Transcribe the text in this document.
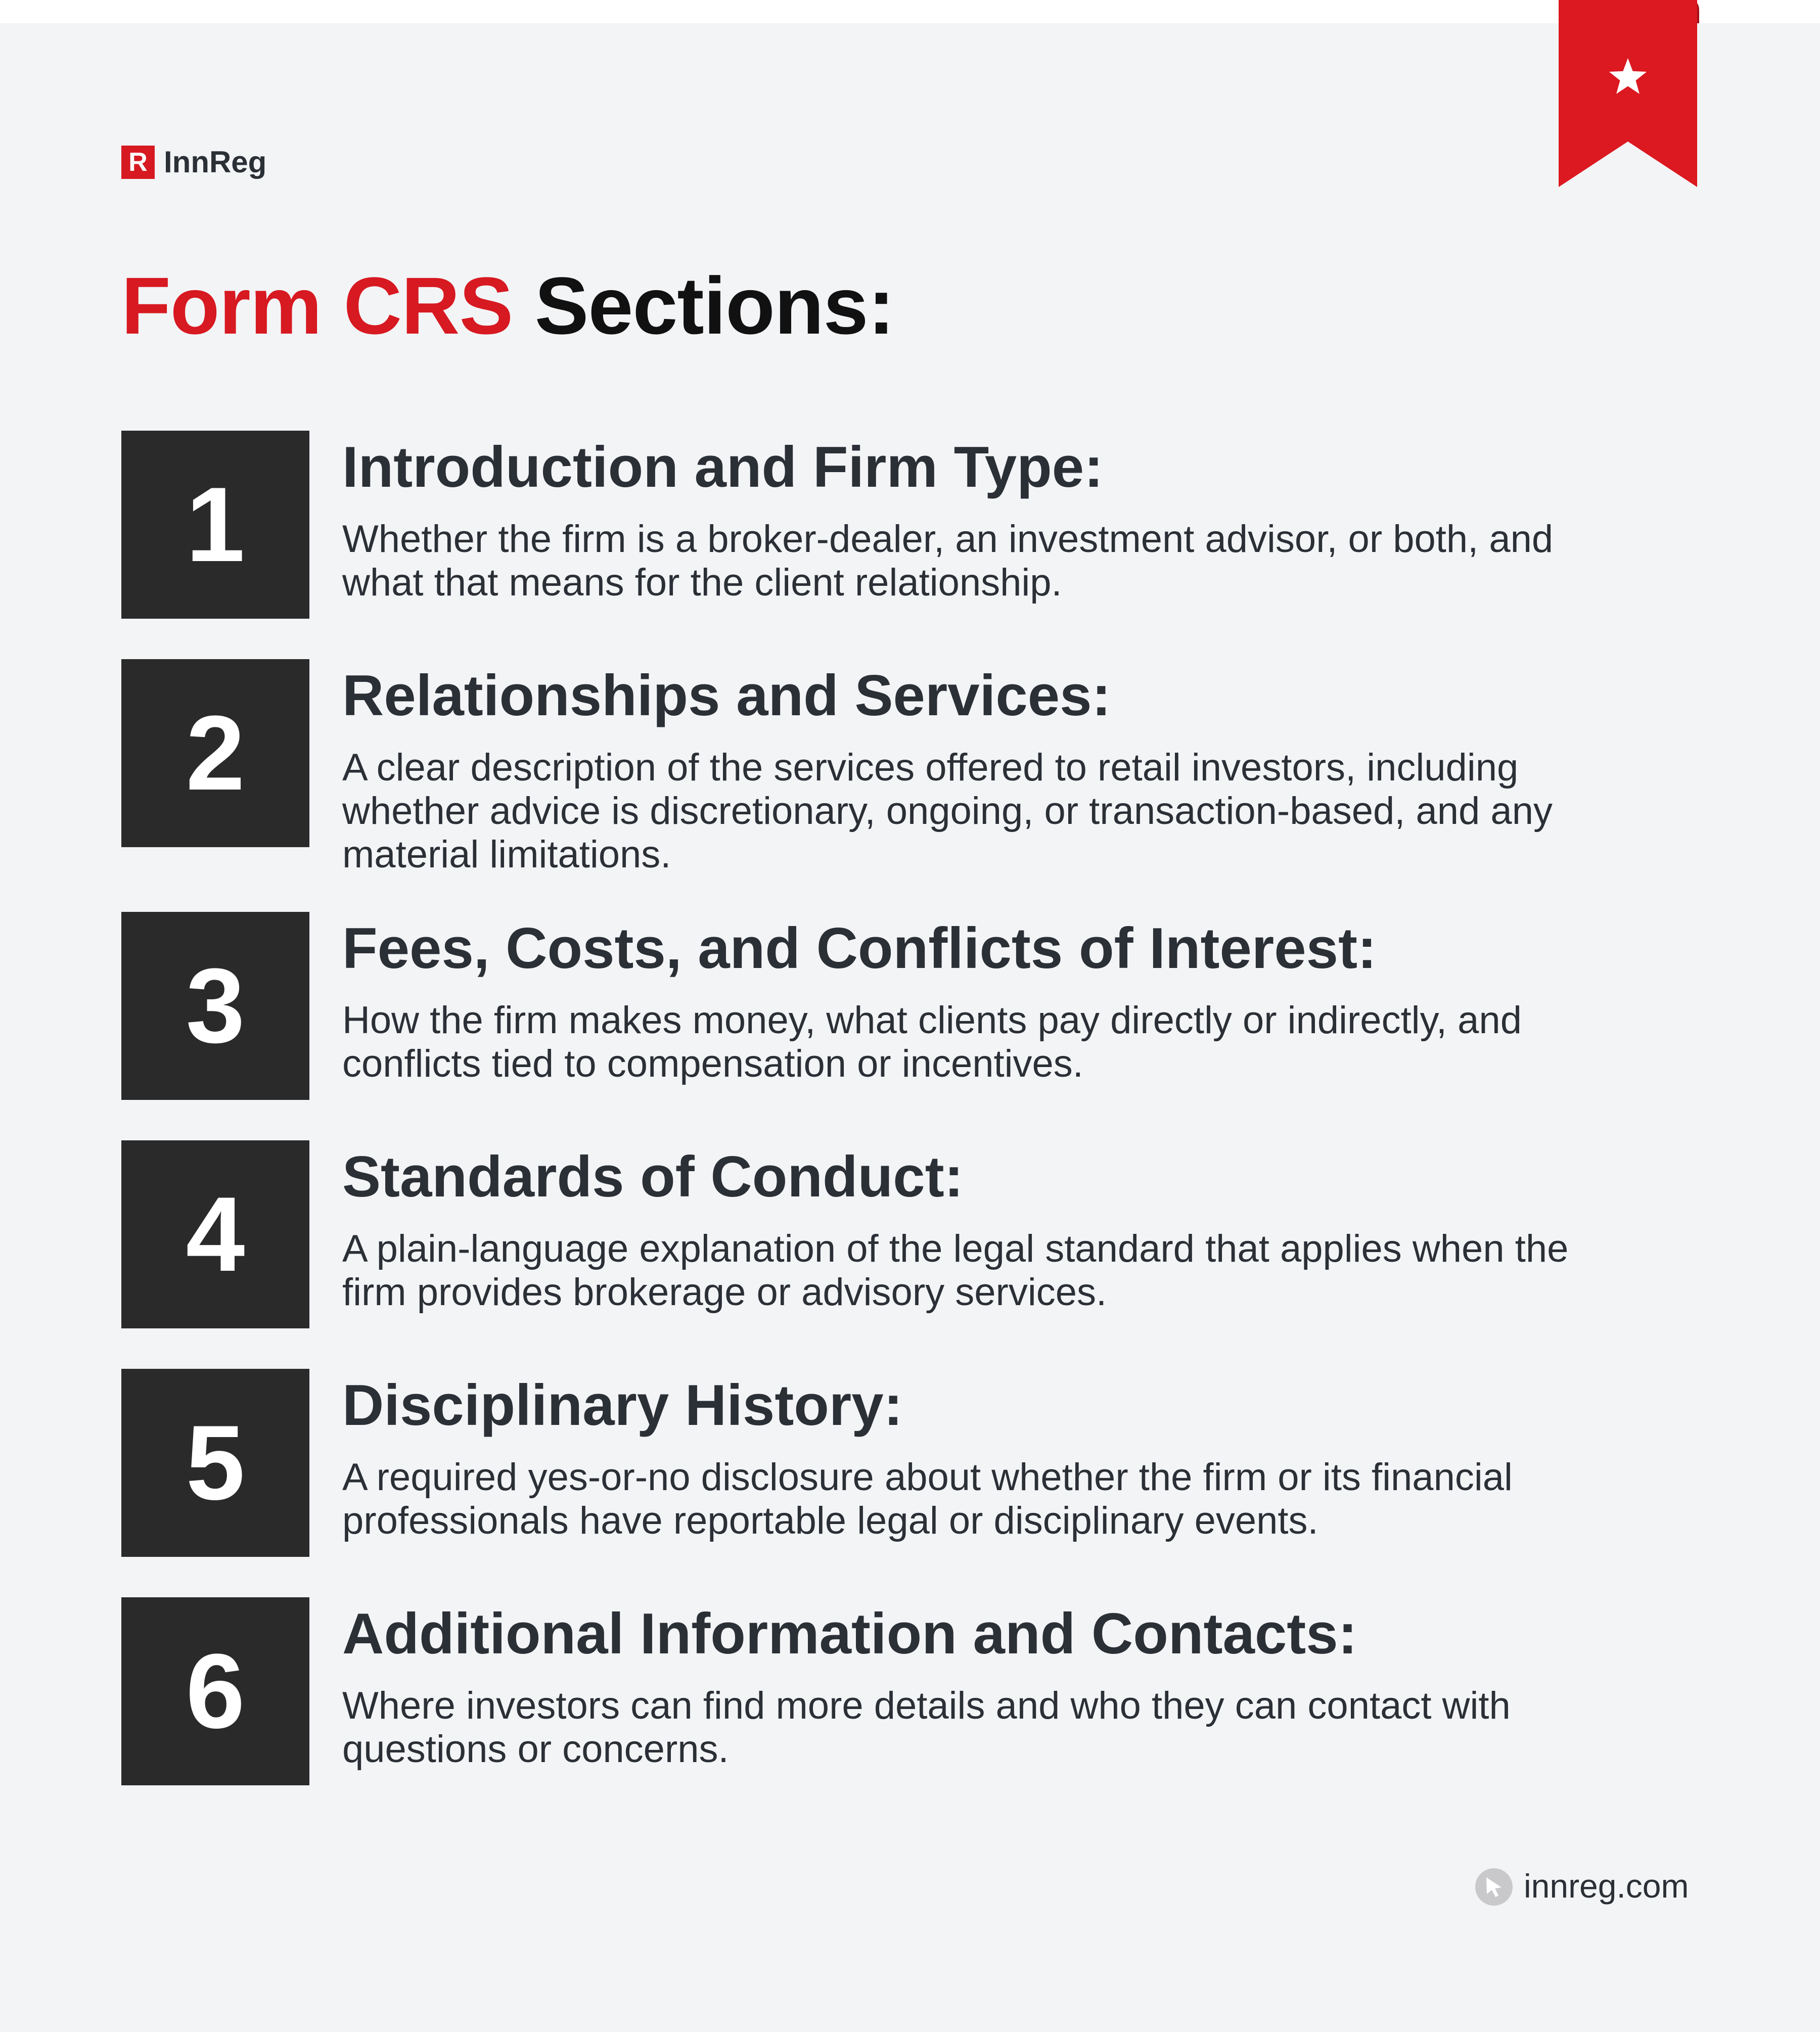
R InnReg
Form CRS Sections:
1	Introduction and Firm Type:

Whether the firm is a broker-dealer, an investment advisor, or both, and what that means for the client relationship.

2	Relationships and Services:

A clear description of the services offered to retail investors, including whether advice is discretionary, ongoing, or transaction-based, and any material limitations.

3	Fees, Costs, and Conflicts of Interest:

How the firm makes money, what clients pay directly or indirectly, and conflicts tied to compensation or incentives.

4	Standards of Conduct:

A plain-language explanation of the legal standard that applies when the firm provides brokerage or advisory services.

5	Disciplinary History:

A required yes-or-no disclosure about whether the firm or its financial professionals have reportable legal or disciplinary events.

6	Additional Information and Contacts:

Where investors can find more details and who they can contact with questions or concerns.

innreg.com
